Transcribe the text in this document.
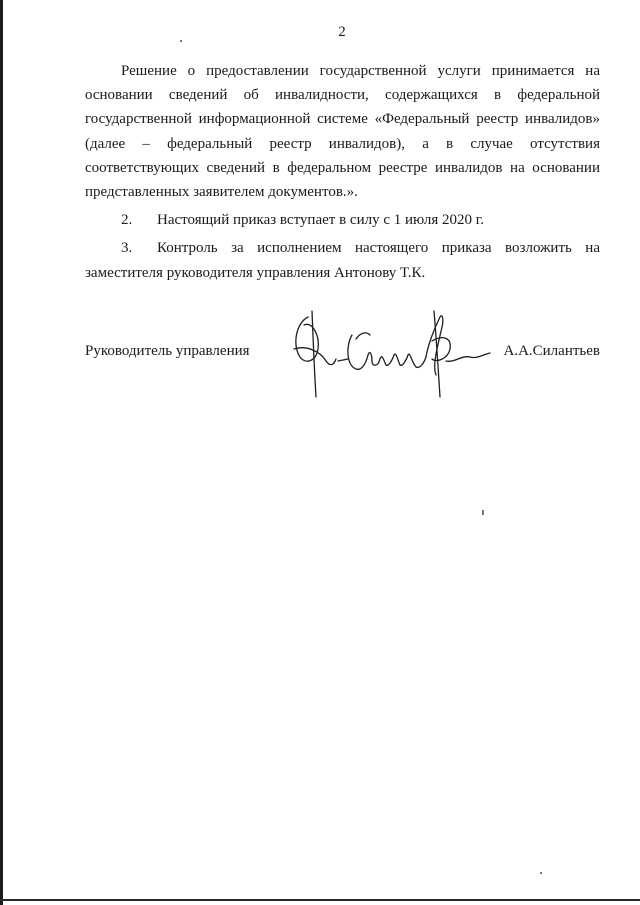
2

Решение о предоставлении государственной услуги принимается на основании сведений об инвалидности, содержащихся в федеральной государственной информационной системе «Федеральный реестр инвалидов» (далее – федеральный реестр инвалидов), а в случае отсутствия соответствующих сведений в федеральном реестре инвалидов на основании представленных заявителем документов.».

2. Настоящий приказ вступает в силу с 1 июля 2020 г.

3. Контроль за исполнением настоящего приказа возложить на заместителя руководителя управления Антонову Т.К.

Руководитель управления	А.А.Силантьев
